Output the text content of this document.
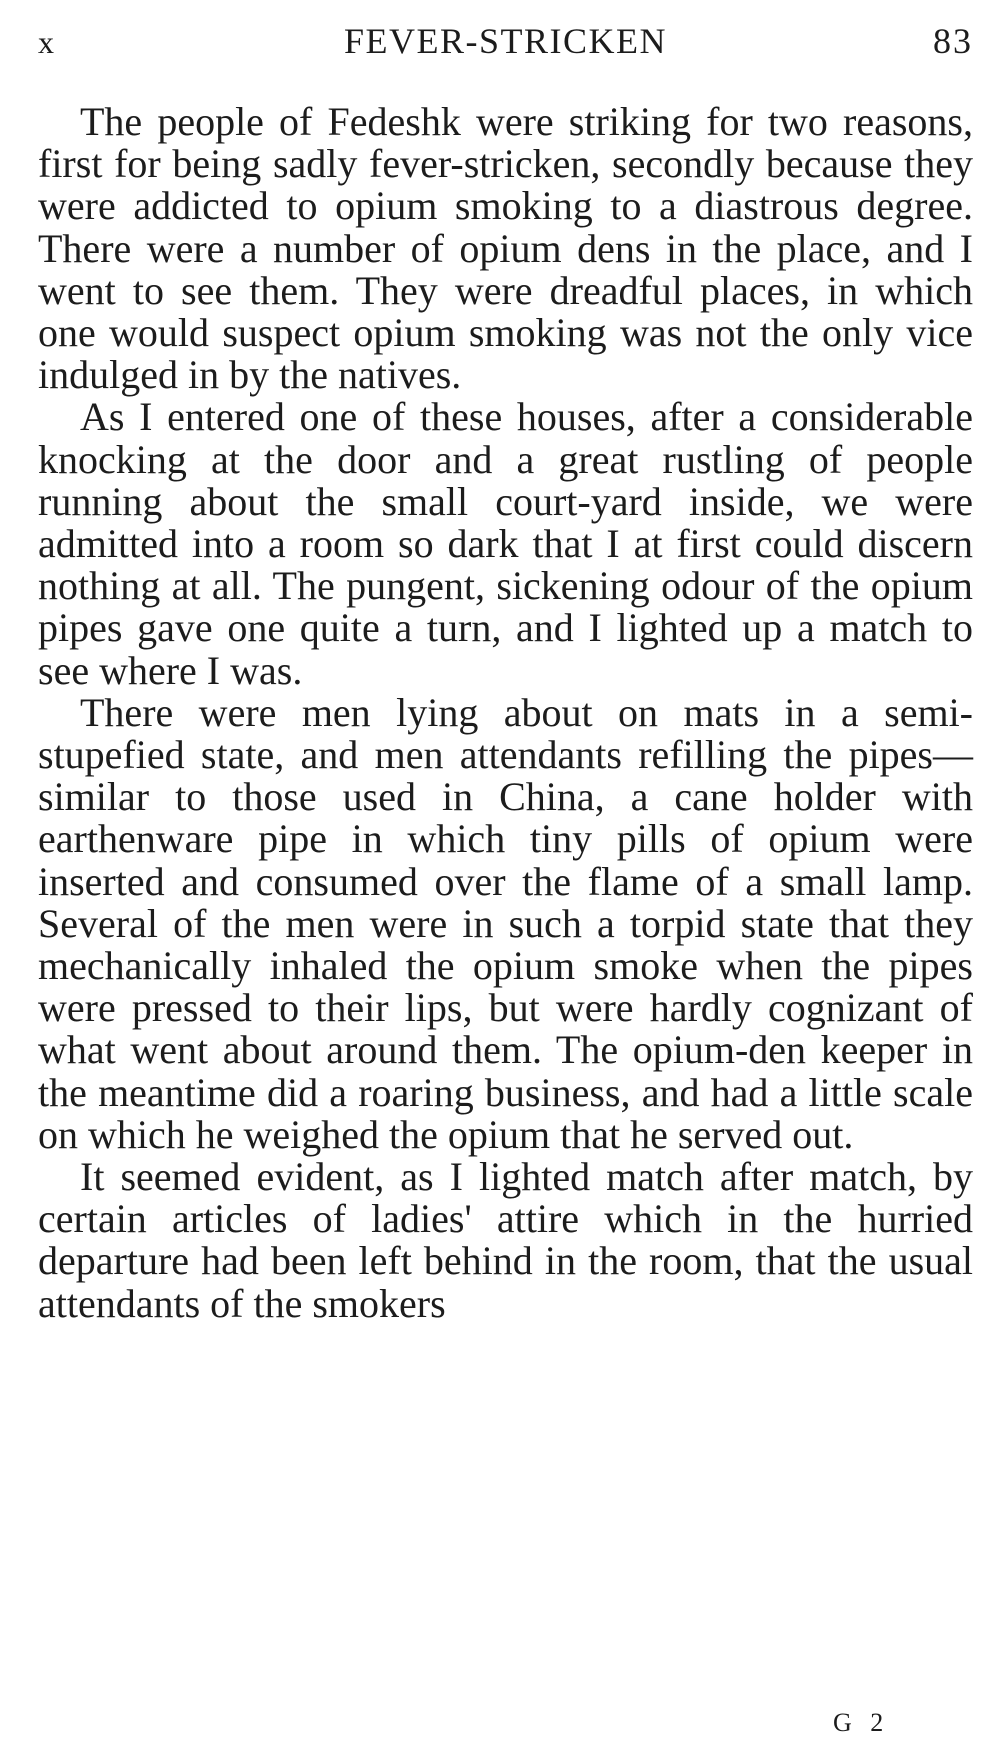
x	FEVER-STRICKEN	83

The people of Fedeshk were striking for two reasons, first for being sadly fever-stricken, secondly because they were addicted to opium smoking to a diastrous degree. There were a number of opium dens in the place, and I went to see them. They were dreadful places, in which one would suspect opium smoking was not the only vice indulged in by the natives.

As I entered one of these houses, after a considerable knocking at the door and a great rustling of people running about the small court-yard inside, we were admitted into a room so dark that I at first could discern nothing at all. The pungent, sickening odour of the opium pipes gave one quite a turn, and I lighted up a match to see where I was.

There were men lying about on mats in a semi-stupefied state, and men attendants refilling the pipes—similar to those used in China, a cane holder with earthenware pipe in which tiny pills of opium were inserted and consumed over the flame of a small lamp. Several of the men were in such a torpid state that they mechanically inhaled the opium smoke when the pipes were pressed to their lips, but were hardly cognizant of what went about around them. The opium-den keeper in the meantime did a roaring business, and had a little scale on which he weighed the opium that he served out.

It seemed evident, as I lighted match after match, by certain articles of ladies' attire which in the hurried departure had been left behind in the room, that the usual attendants of the smokers

G 2
